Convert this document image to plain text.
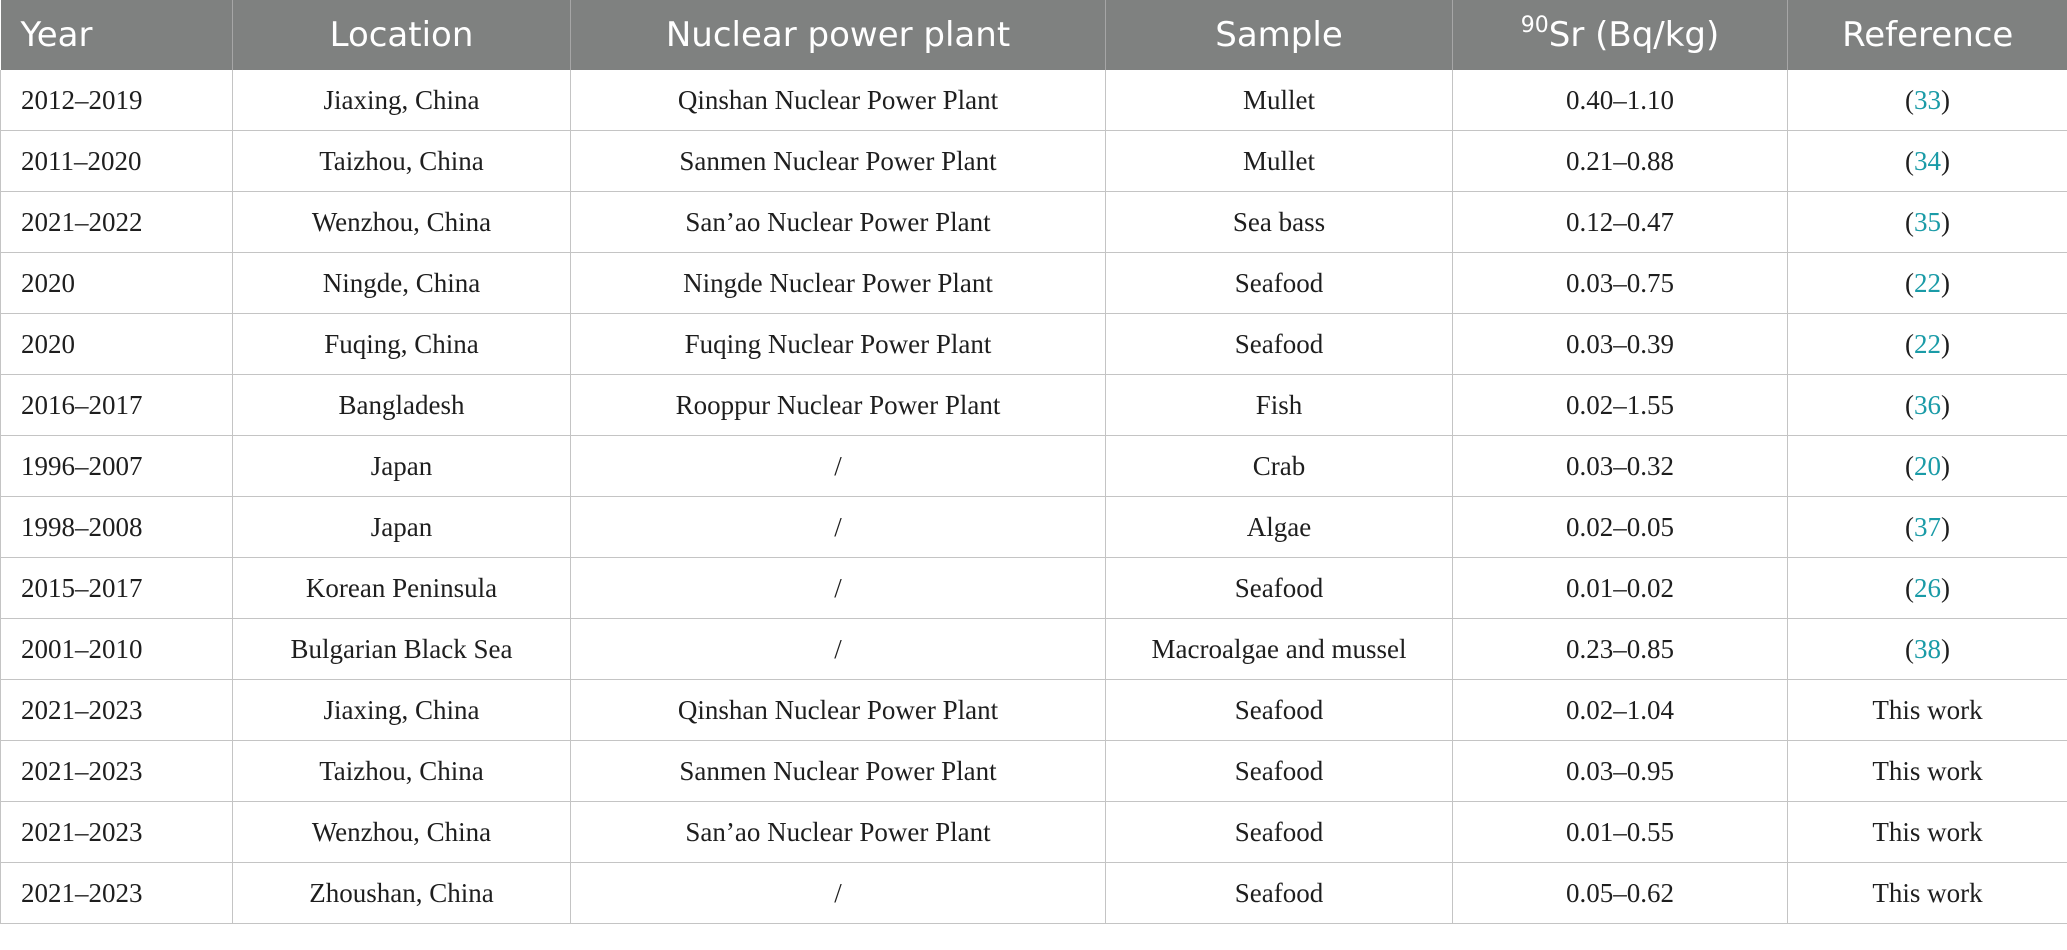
Year	Location	Nuclear power plant	Sample	$^{90}$Sr (Bq/kg)	Reference
2012–2019	Jiaxing, China	Qinshan Nuclear Power Plant	Mullet	0.40–1.10	(33)
2011–2020	Taizhou, China	Sanmen Nuclear Power Plant	Mullet	0.21–0.88	(34)
2021–2022	Wenzhou, China	San’ao Nuclear Power Plant	Sea bass	0.12–0.47	(35)
2020	Ningde, China	Ningde Nuclear Power Plant	Seafood	0.03–0.75	(22)
2020	Fuqing, China	Fuqing Nuclear Power Plant	Seafood	0.03–0.39	(22)
2016–2017	Bangladesh	Rooppur Nuclear Power Plant	Fish	0.02–1.55	(36)
1996–2007	Japan	/	Crab	0.03–0.32	(20)
1998–2008	Japan	/	Algae	0.02–0.05	(37)
2015–2017	Korean Peninsula	/	Seafood	0.01–0.02	(26)
2001–2010	Bulgarian Black Sea	/	Macroalgae and mussel	0.23–0.85	(38)
2021–2023	Jiaxing, China	Qinshan Nuclear Power Plant	Seafood	0.02–1.04	This work
2021–2023	Taizhou, China	Sanmen Nuclear Power Plant	Seafood	0.03–0.95	This work
2021–2023	Wenzhou, China	San’ao Nuclear Power Plant	Seafood	0.01–0.55	This work
2021–2023	Zhoushan, China	/	Seafood	0.05–0.62	This work
